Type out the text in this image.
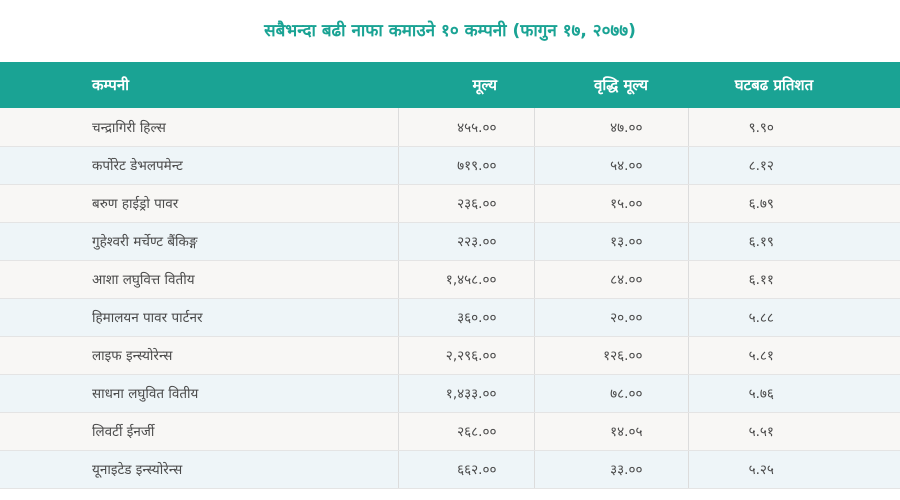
सबैभन्दा बढी नाफा कमाउने १० कम्पनी (फागुन १७, २०७७)
कम्पनी	मूल्य	वृद्धि मूल्य	घटबढ प्रतिशत
चन्द्रागिरी हिल्स	४५५.००	४७.००	९.९०
कर्पोरेट डेभलपमेन्ट	७१९.००	५४.००	८.१२
बरुण हाईड्रो पावर	२३६.००	१५.००	६.७९
गुहेश्वरी मर्चेण्ट बैंकिङ्ग	२२३.००	१३.००	६.१९
आशा लघुवित्त वितीय	१,४५८.००	८४.००	६.११
हिमालयन पावर पार्टनर	३६०.००	२०.००	५.८८
लाइफ इन्स्योरेन्स	२,२९६.००	१२६.००	५.८१
साधना लघुवित वितीय	१,४३३.००	७८.००	५.७६
लिवर्टी ईनर्जी	२६८.००	१४.०५	५.५१
यूनाइटेड इन्स्योरेन्स	६६२.००	३३.००	५.२५
